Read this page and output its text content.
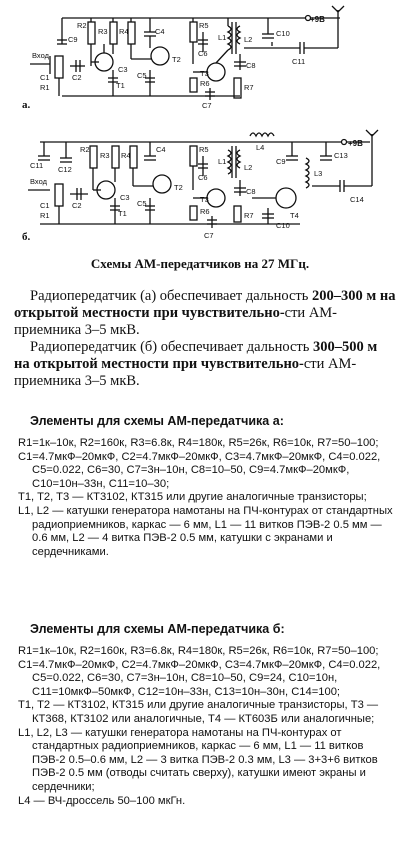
+9В
Вход
а.
R2
R3 R4	C4
R5
C6
L1 L2
C9
C1
R1
C2
C3
T1
C5
T2
T3
C8
C10
C11
R6	R7
C7
+9В
Вход
б.
R2
R3 R4
C4	R5
C6
L4
C9
C13
C11 C12
C1
R1
C2
C3
T1
C5
T2
T3
T4
L1
L2
L3
C8
C10
C14
R6	R7
C7
Схемы АМ-передатчиков на 27 МГц.
Радиопередатчик (а) обеспечивает дальность 200–300 м на открытой местности при чувствительно-сти АМ-приемника 3–5 мкВ.
Радиопередатчик (б) обеспечивает дальность 300–500 м на открытой местности при чувствительно-сти АМ-приемника 3–5 мкВ.
Элементы для схемы АМ-передатчика а:

R1=1к–10к, R2=160к, R3=6.8к, R4=180к, R5=26к, R6=10к, R7=50–100;

C1=4.7мкФ–20мкФ, C2=4.7мкФ–20мкФ, C3=4.7мкФ–20мкФ, C4=0.022, C5=0.022, C6=30, C7=3н–10н, C8=10–50, C9=4.7мкФ–20мкФ, C10=10н–33н, C11=10–30;

T1, T2, T3 — КТ3102, КТ315 или другие аналогичные транзисторы;

L1, L2 — катушки генератора намотаны на ПЧ-контурах от стандартных радиоприемников, каркас — 6 мм, L1 — 11 витков ПЭВ-2 0.5 мм — 0.6 мм, L2 — 4 витка ПЭВ-2 0.5 мм, катушки с экранами и сердечниками.

Элементы для схемы АМ-передатчика б:

R1=1к–10к, R2=160к, R3=6.8к, R4=180к, R5=26к, R6=10к, R7=50–100;

C1=4.7мкФ–20мкФ, C2=4.7мкФ–20мкФ, C3=4.7мкФ–20мкФ, C4=0.022, C5=0.022, C6=30, C7=3н–10н, C8=10–50, C9=24, C10=10н, C11=10мкФ–50мкФ, C12=10н–33н, C13=10н–30н, C14=100;

T1, T2 — КТ3102, КТ315 или другие аналогичные транзисторы, T3 — КТ368, КТ3102 или аналогичные, T4 — КТ603Б или аналогичные;

L1, L2, L3 — катушки генератора намотаны на ПЧ-контурах от стандартных радиоприемников, каркас — 6 мм, L1 — 11 витков ПЭВ-2 0.5–0.6 мм, L2 — 3 витка ПЭВ-2 0.3 мм, L3 — 3+3+6 витков ПЭВ-2 0.5 мм (отводы считать сверху), катушки имеют экраны и сердечники;

L4 — ВЧ-дроссель 50–100 мкГн.
